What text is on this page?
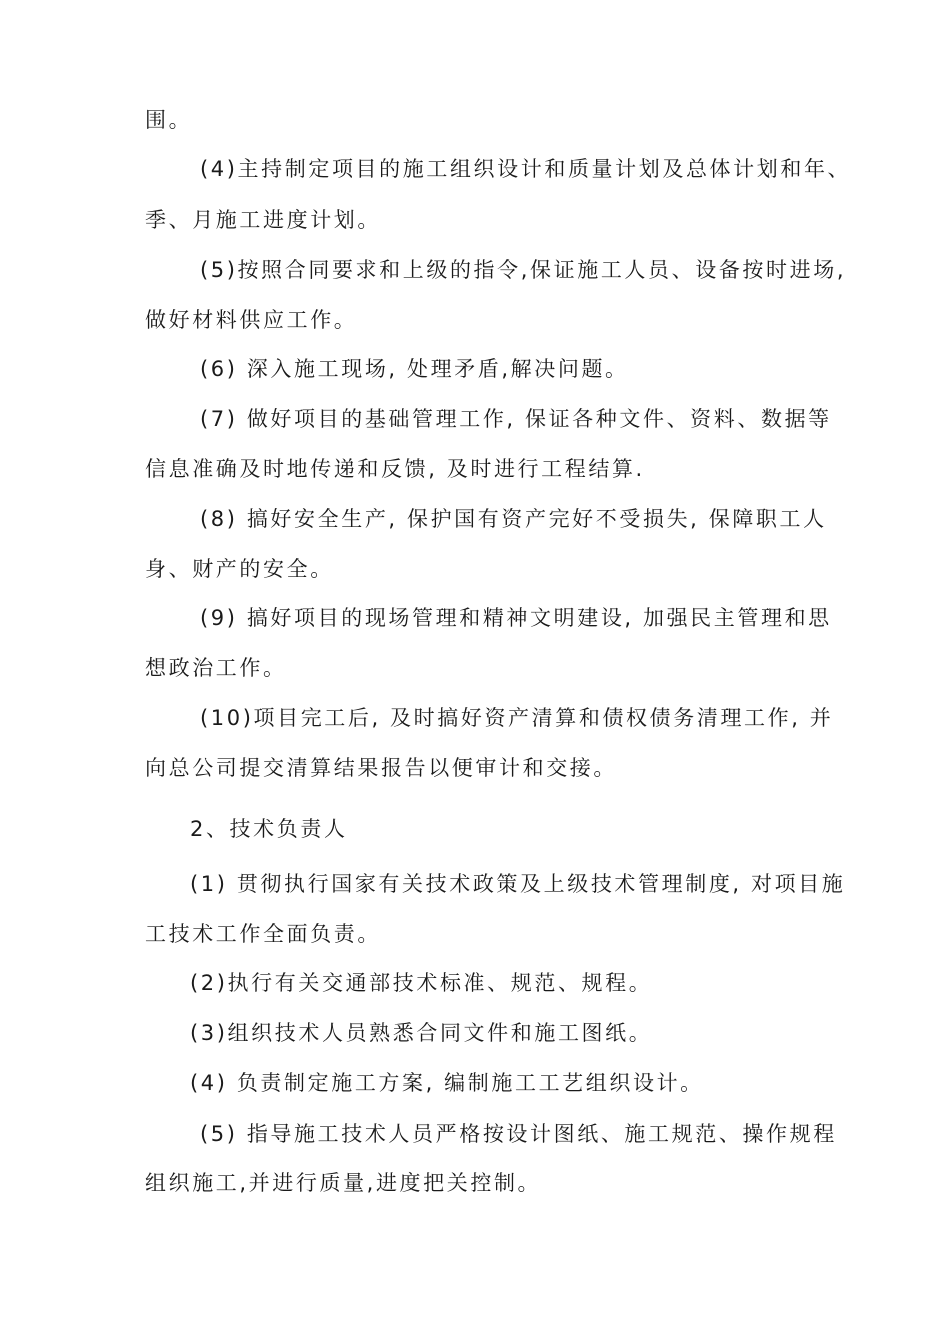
围。
(4)主持制定项目的施工组织设计和质量计划及总体计划和年、
季、月施工进度计划。
(5)按照合同要求和上级的指令,保证施工人员、设备按时进场,
做好材料供应工作。
(6) 深入施工现场, 处理矛盾,解决问题。
(7) 做好项目的基础管理工作, 保证各种文件、资料、数据等
信息准确及时地传递和反馈, 及时进行工程结算.
(8) 搞好安全生产, 保护国有资产完好不受损失, 保障职工人
身、财产的安全。
(9) 搞好项目的现场管理和精神文明建设, 加强民主管理和思
想政治工作。
(10)项目完工后, 及时搞好资产清算和债权债务清理工作, 并
向总公司提交清算结果报告以便审计和交接。
2、技术负责人
(1) 贯彻执行国家有关技术政策及上级技术管理制度, 对项目施
工技术工作全面负责。
(2)执行有关交通部技术标准、规范、规程。
(3)组织技术人员熟悉合同文件和施工图纸。
(4) 负责制定施工方案, 编制施工工艺组织设计。
(5) 指导施工技术人员严格按设计图纸、施工规范、操作规程
组织施工,并进行质量,进度把关控制。
